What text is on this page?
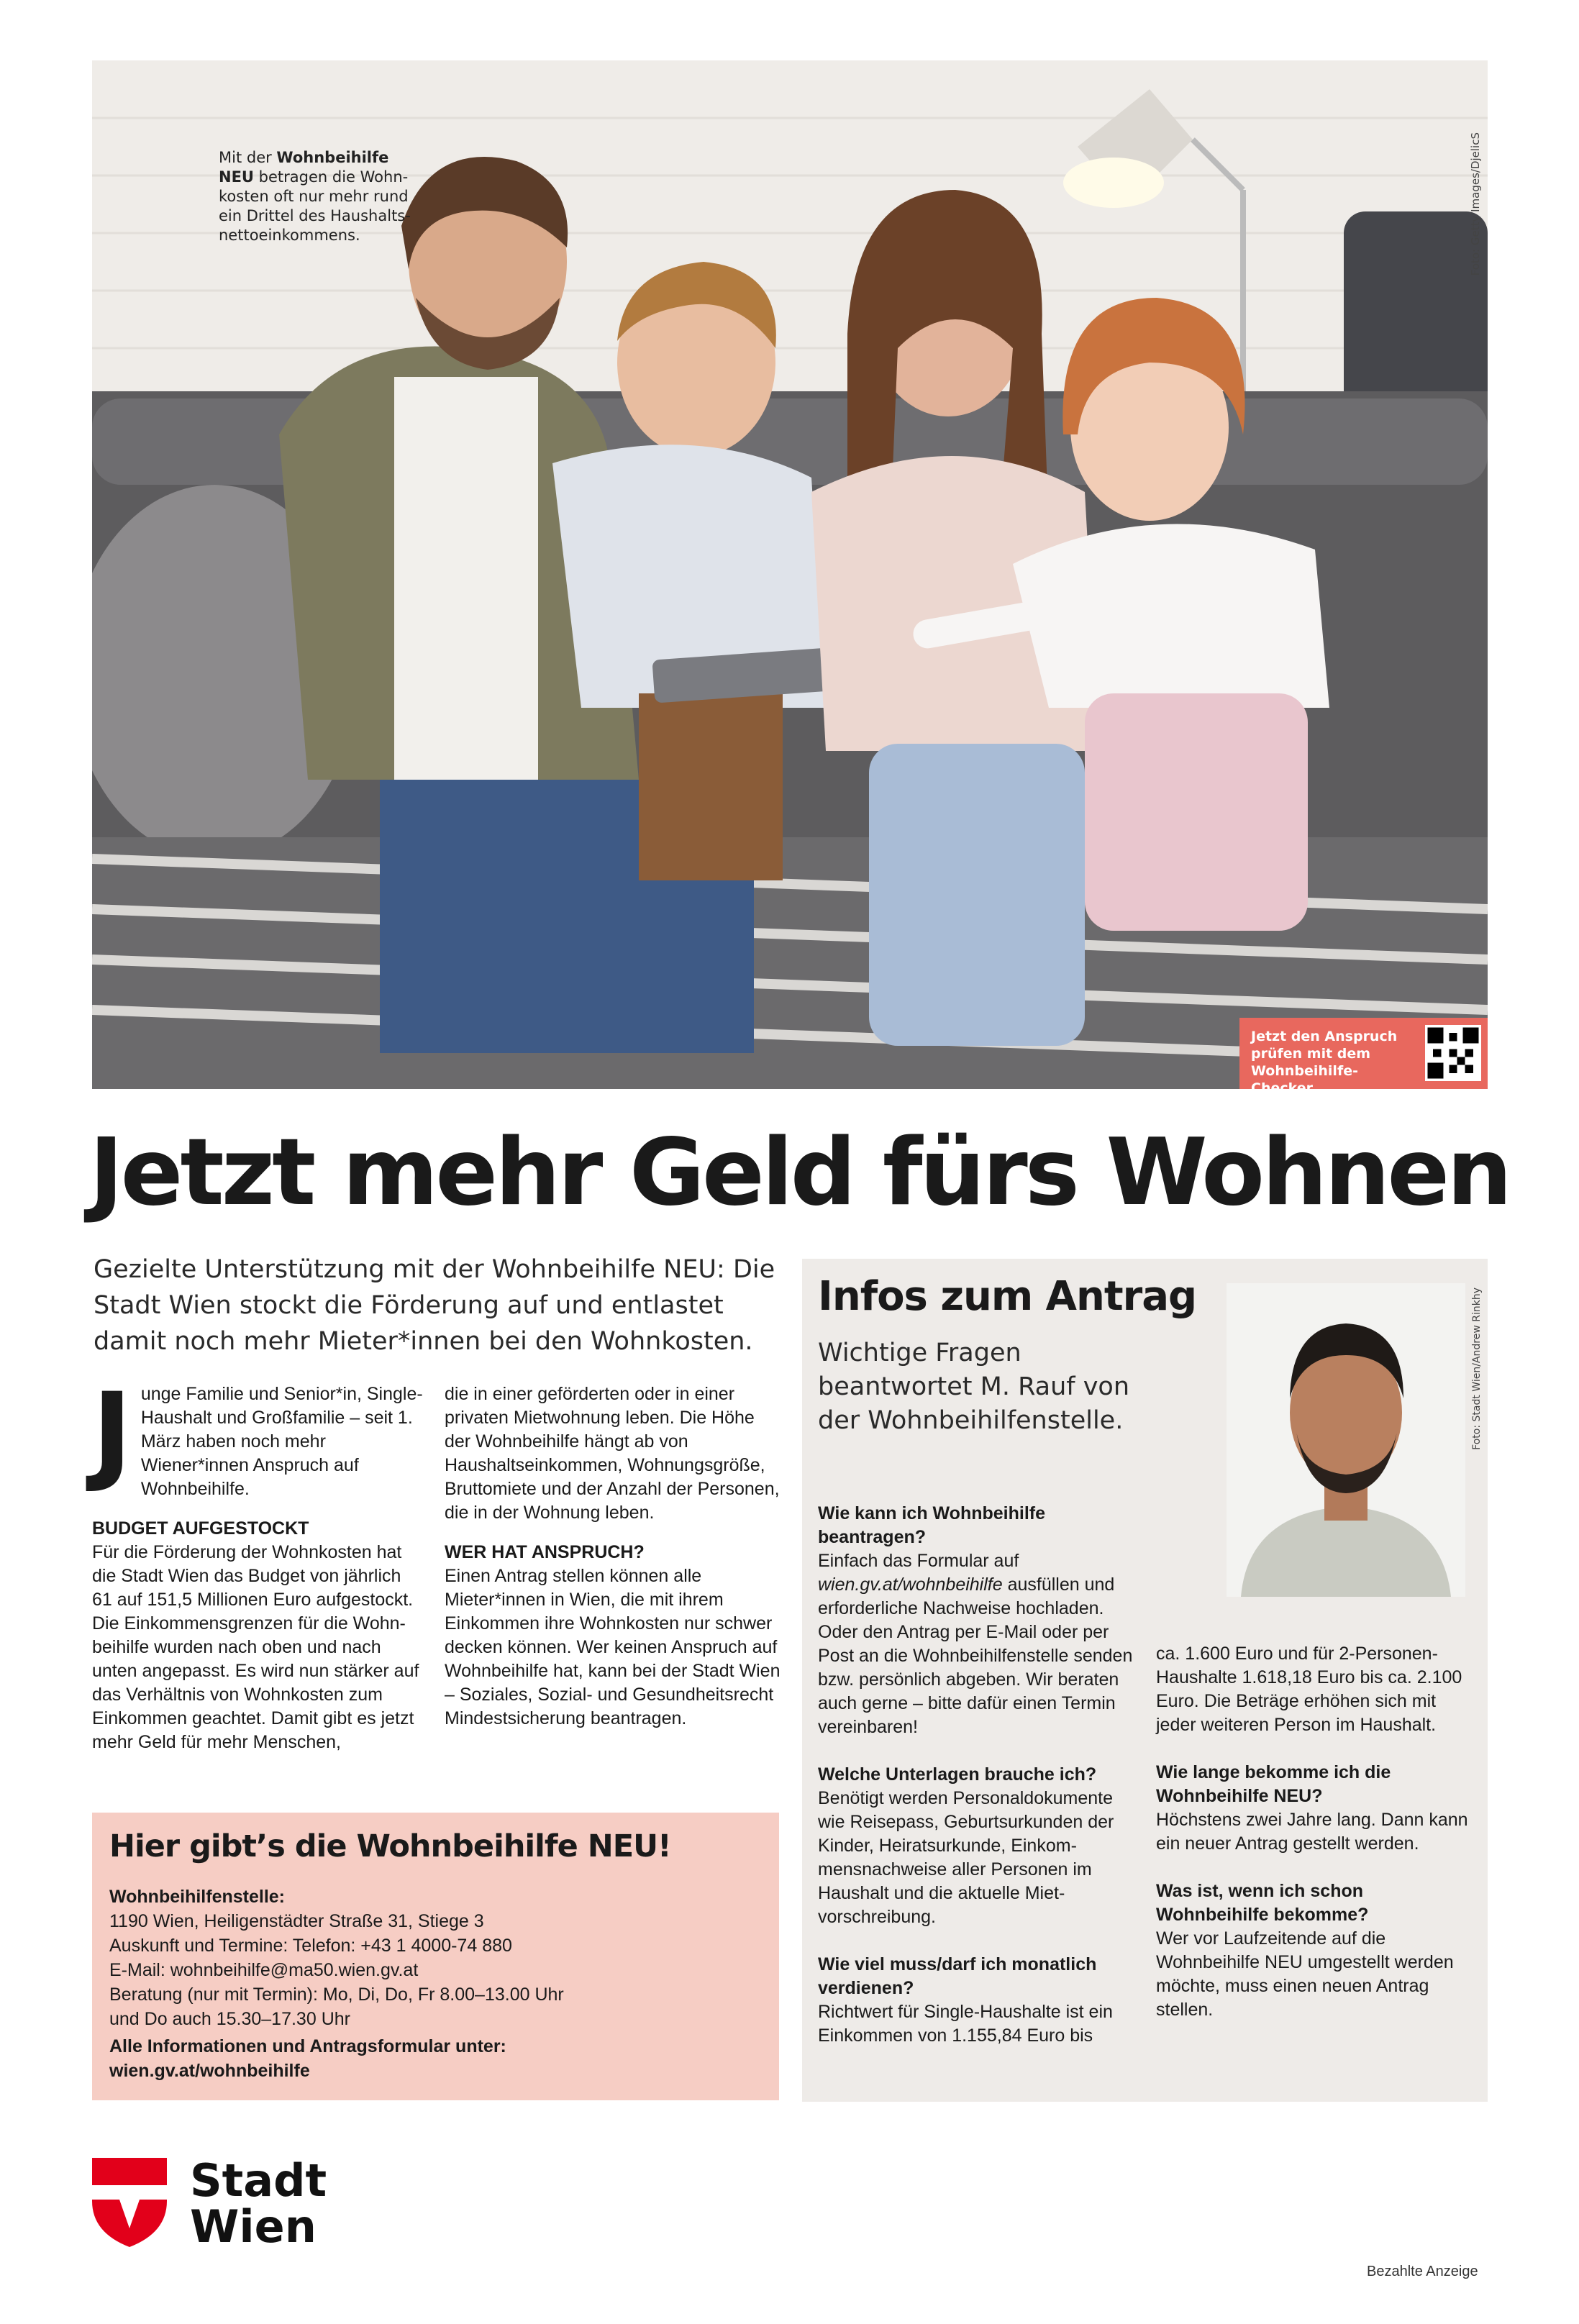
Mit der Wohnbeihilfe
NEU betragen die Wohnkosten oft nur mehr rund ein Drittel des Haushaltsnettoeinkommens.	Foto: Getty Images/DjelicS
Jetzt den Anspruch prüfen mit dem Wohnbeihilfe-Checker
Jetzt mehr Geld fürs Wohnen
Gezielte Unterstützung mit der Wohnbeihilfe NEU: Die Stadt Wien stockt die Förderung auf und entlastet damit noch mehr Mieter*innen bei den Wohnkosten.

Junge Familie und Senior*in, Single-Haushalt und Großfamilie – seit 1. März haben noch mehr Wiener*innen Anspruch auf Wohnbeihilfe.

BUDGET AUFGESTOCKT

Für die Förderung der Wohnkosten hat die Stadt Wien das Budget von jährlich 61 auf 151,5 Millionen Euro aufgestockt. Die Einkommensgrenzen für die Wohnbeihilfe wurden nach oben und nach unten angepasst. Es wird nun stärker auf das Verhältnis von Wohnkosten zum Einkommen geachtet. Damit gibt es jetzt mehr Geld für mehr Menschen,

die in einer geförderten oder in einer privaten Mietwohnung leben. Die Höhe der Wohnbeihilfe hängt ab von Haushaltseinkommen, Wohnungsgröße, Bruttomiete und der Anzahl der Personen, die in der Wohnung leben.

WER HAT ANSPRUCH?

Einen Antrag stellen können alle Mieter*innen in Wien, die mit ihrem Einkommen ihre Wohnkosten nur schwer decken können. Wer keinen Anspruch auf Wohnbeihilfe hat, kann bei der Stadt Wien – Soziales, Sozial- und Gesundheitsrecht Mindestsicherung beantragen.

Hier gibt’s die Wohnbeihilfe NEU!
Wohnbeihilfenstelle:
1190 Wien, Heiligenstädter Straße 31, Stiege 3
Auskunft und Termine: Telefon: +43 1 4000-74 880
E-Mail: wohnbeihilfe@ma50.wien.gv.at
Beratung (nur mit Termin): Mo, Di, Do, Fr 8.00–13.00 Uhr
und Do auch 15.30–17.30 Uhr
Alle Informationen und Antragsformular unter:
wien.gv.at/wohnbeihilfe
Infos zum Antrag
Wichtige Fragen beantwortet M. Rauf von der Wohnbeihilfenstelle.	Foto: Stadt Wien/Andrew Rinkhy
Wie kann ich Wohnbeihilfe beantragen?
Einfach das Formular auf wien.gv.at/wohnbeihilfe ausfüllen und erforderliche Nachweise hochladen. Oder den Antrag per E-Mail oder per Post an die Wohnbeihilfenstelle senden bzw. persönlich abgeben. Wir beraten auch gerne – bitte dafür einen Termin vereinbaren!
Welche Unterlagen brauche ich?
Benötigt werden Personaldokumente wie Reisepass, Geburtsurkunden der Kinder, Heiratsurkunde, Einkommensnachweise aller Personen im Haushalt und die aktuelle Mietvorschreibung.
Wie viel muss/darf ich monatlich verdienen?
Richtwert für Single-Haushalte ist ein Einkommen von 1.155,84 Euro bis
ca. 1.600 Euro und für 2-Personen-Haushalte 1.618,18 Euro bis ca. 2.100 Euro. Die Beträge erhöhen sich mit jeder weiteren Person im Haushalt.
Wie lange bekomme ich die Wohnbeihilfe NEU?
Höchstens zwei Jahre lang. Dann kann ein neuer Antrag gestellt werden.
Was ist, wenn ich schon Wohnbeihilfe bekomme?
Wer vor Laufzeitende auf die Wohnbeihilfe NEU umgestellt werden möchte, muss einen neuen Antrag stellen.
Stadt
Wien
Bezahlte Anzeige
